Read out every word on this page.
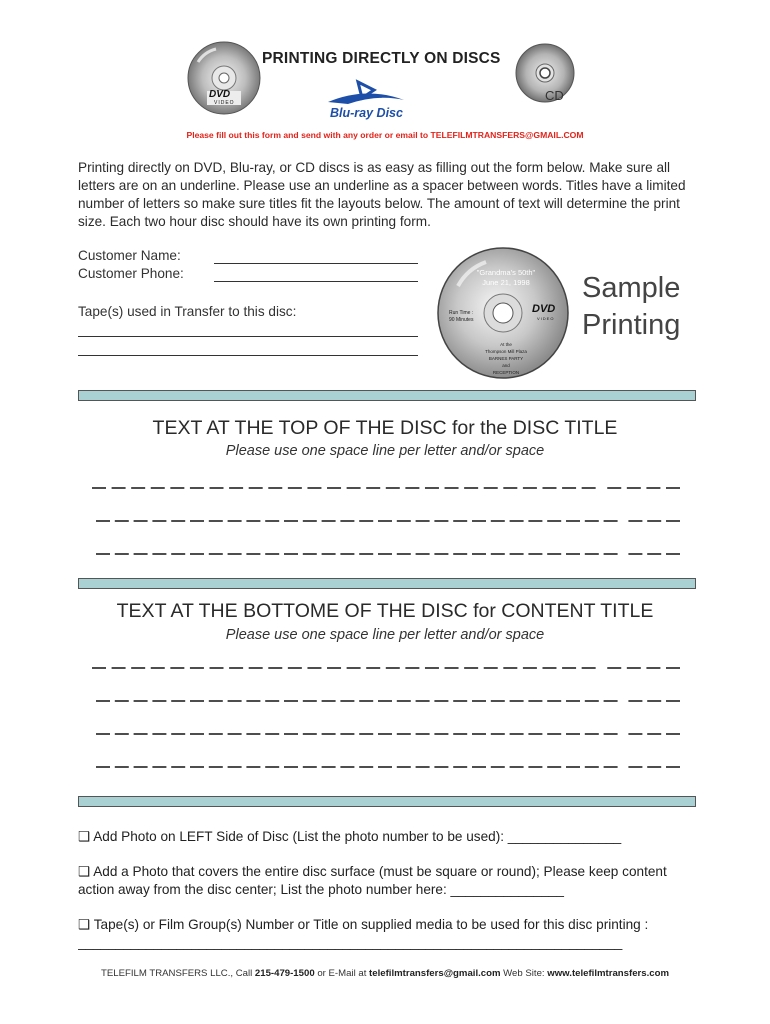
DVD
VIDEO
PRINTING DIRECTLY ON DISCS
Blu-ray Disc
CD
Please fill out this form and send with any order or email to TELEFILMTRANSFERS@GMAIL.COM
Printing directly on DVD, Blu-ray, or CD discs is as easy as filling out the form below. Make sure all letters are on an underline. Please use an underline as a spacer between words. Titles have a limited number of letters so make sure titles fit the layouts below. The amount of text will determine the print size. Each two hour disc should have its own printing form.
Customer Name:
Customer Phone:
Tape(s) used in Transfer to this disc:
"Grandma's 50th"
June 21, 1998
Run Time :
90 Minutes
DVD
VIDEO
At the
Thompson Mill Plaza
BARNES PARTY
and
RECEPTION
Sample
Printing
TEXT AT THE TOP OF THE DISC for the DISC TITLE
Please use one space line per letter and/or space
TEXT AT THE BOTTOME OF THE DISC for CONTENT TITLE
Please use one space line per letter and/or space
❑ Add Photo on LEFT Side of Disc (List the photo number to be used): _______________
❑ Add a Photo that covers the entire disc surface (must be square or round); Please keep content action away from the disc center; List the photo number here: _______________
❑ Tape(s) or Film Group(s) Number or Title on supplied media to be used for this disc printing : ________________________________________________________________________
TELEFILM TRANSFERS LLC., Call 215-479-1500 or E-Mail at telefilmtransfers@gmail.com Web Site: www.telefilmtransfers.com
